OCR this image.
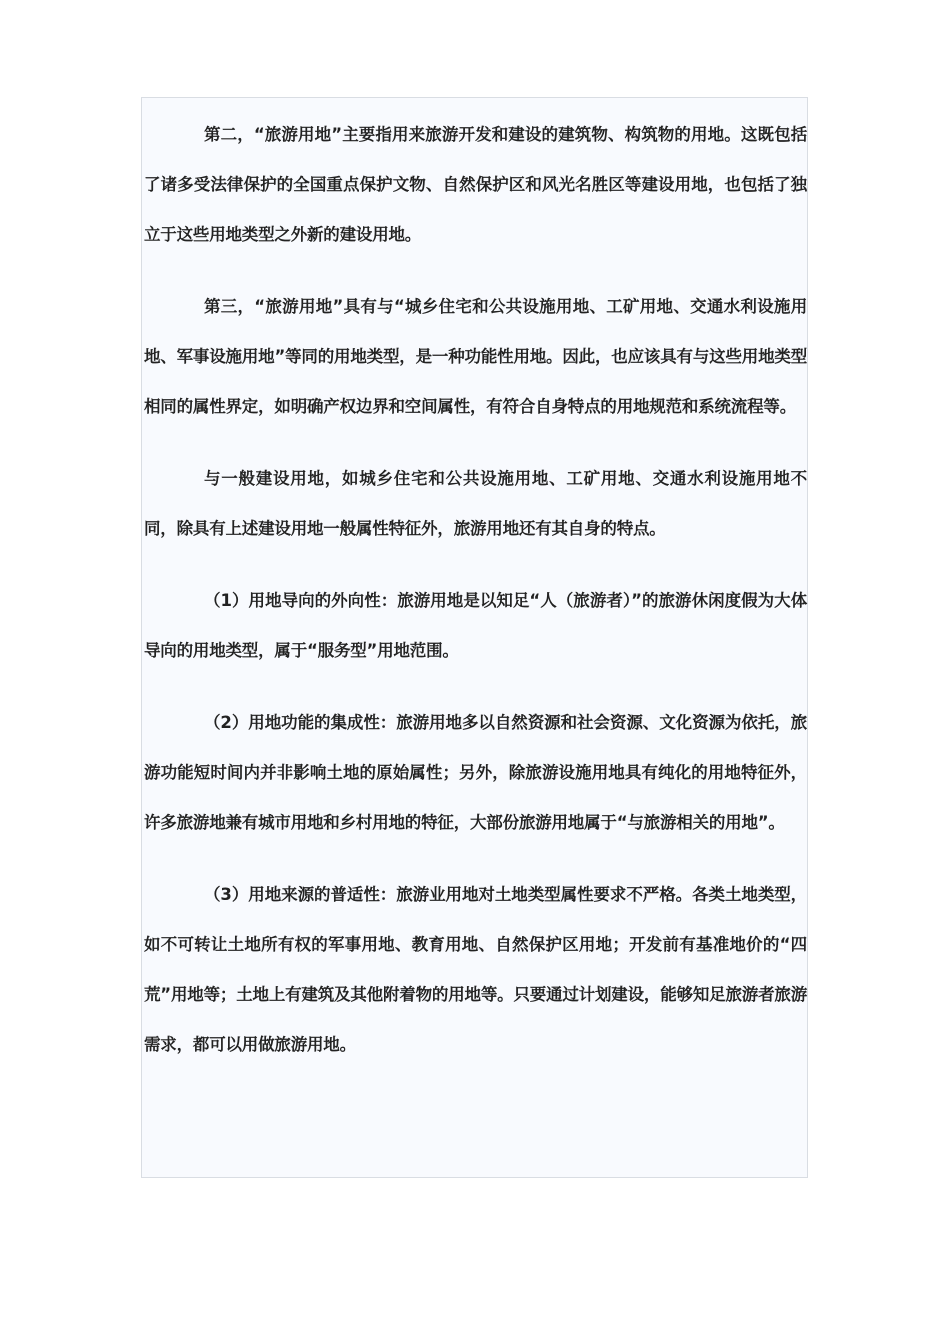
第二，“旅游用地”主要指用来旅游开发和建设的建筑物、构筑物的用地。这既包括了诸多受法律保护的全国重点保护文物、自然保护区和风光名胜区等建设用地，也包括了独立于这些用地类型之外新的建设用地。

第三，“旅游用地”具有与“城乡住宅和公共设施用地、工矿用地、交通水利设施用地、军事设施用地”等同的用地类型，是一种功能性用地。因此，也应该具有与这些用地类型相同的属性界定，如明确产权边界和空间属性，有符合自身特点的用地规范和系统流程等。

与一般建设用地，如城乡住宅和公共设施用地、工矿用地、交通水利设施用地不同，除具有上述建设用地一般属性特征外，旅游用地还有其自身的特点。

（1）用地导向的外向性：旅游用地是以知足“人（旅游者）”的旅游休闲度假为大体导向的用地类型，属于“服务型”用地范围。

（2）用地功能的集成性：旅游用地多以自然资源和社会资源、文化资源为依托，旅游功能短时间内并非影响土地的原始属性；另外，除旅游设施用地具有纯化的用地特征外，许多旅游地兼有城市用地和乡村用地的特征，大部份旅游用地属于“与旅游相关的用地”。

（3）用地来源的普适性：旅游业用地对土地类型属性要求不严格。各类土地类型，如不可转让土地所有权的军事用地、教育用地、自然保护区用地；开发前有基准地价的“四荒”用地等；土地上有建筑及其他附着物的用地等。只要通过计划建设，能够知足旅游者旅游需求，都可以用做旅游用地。
